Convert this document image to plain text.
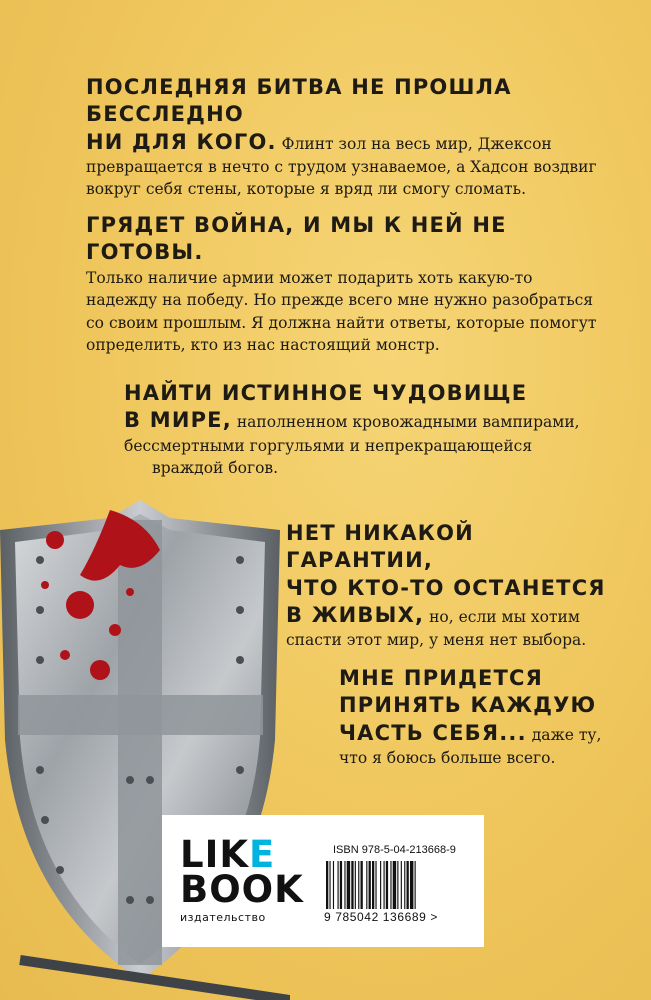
ПОСЛЕДНЯЯ БИТВА НЕ ПРОШЛА БЕССЛЕДНО
НИ ДЛЯ КОГО. Флинт зол на весь мир, Джексон
превращается в нечто с трудом узнаваемое, а Хадсон воздвиг
вокруг себя стены, которые я вряд ли смогу сломать.
ГРЯДЕТ ВОЙНА, И МЫ К НЕЙ НЕ ГОТОВЫ.
Только наличие армии может подарить хоть какую-то
надежду на победу. Но прежде всего мне нужно разобраться
со своим прошлым. Я должна найти ответы, которые помогут
определить, кто из нас настоящий монстр.
НАЙТИ ИСТИННОЕ ЧУДОВИЩЕ
В МИРЕ, наполненном кровожадными вампирами,
бессмертными горгульями и непрекращающейся

враждой богов.
НЕТ НИКАКОЙ ГАРАНТИИ,
ЧТО КТО-ТО ОСТАНЕТСЯ
В ЖИВЫХ, но, если мы хотим
спасти этот мир, у меня нет выбора.
МНЕ ПРИДЕТСЯ
ПРИНЯТЬ КАЖДУЮ
ЧАСТЬ СЕБЯ... даже ту,
что я боюсь больше всего.
LIKE
BOOK
издательство
ISBN 978-5-04-213668-9
9 785042 136689 >
